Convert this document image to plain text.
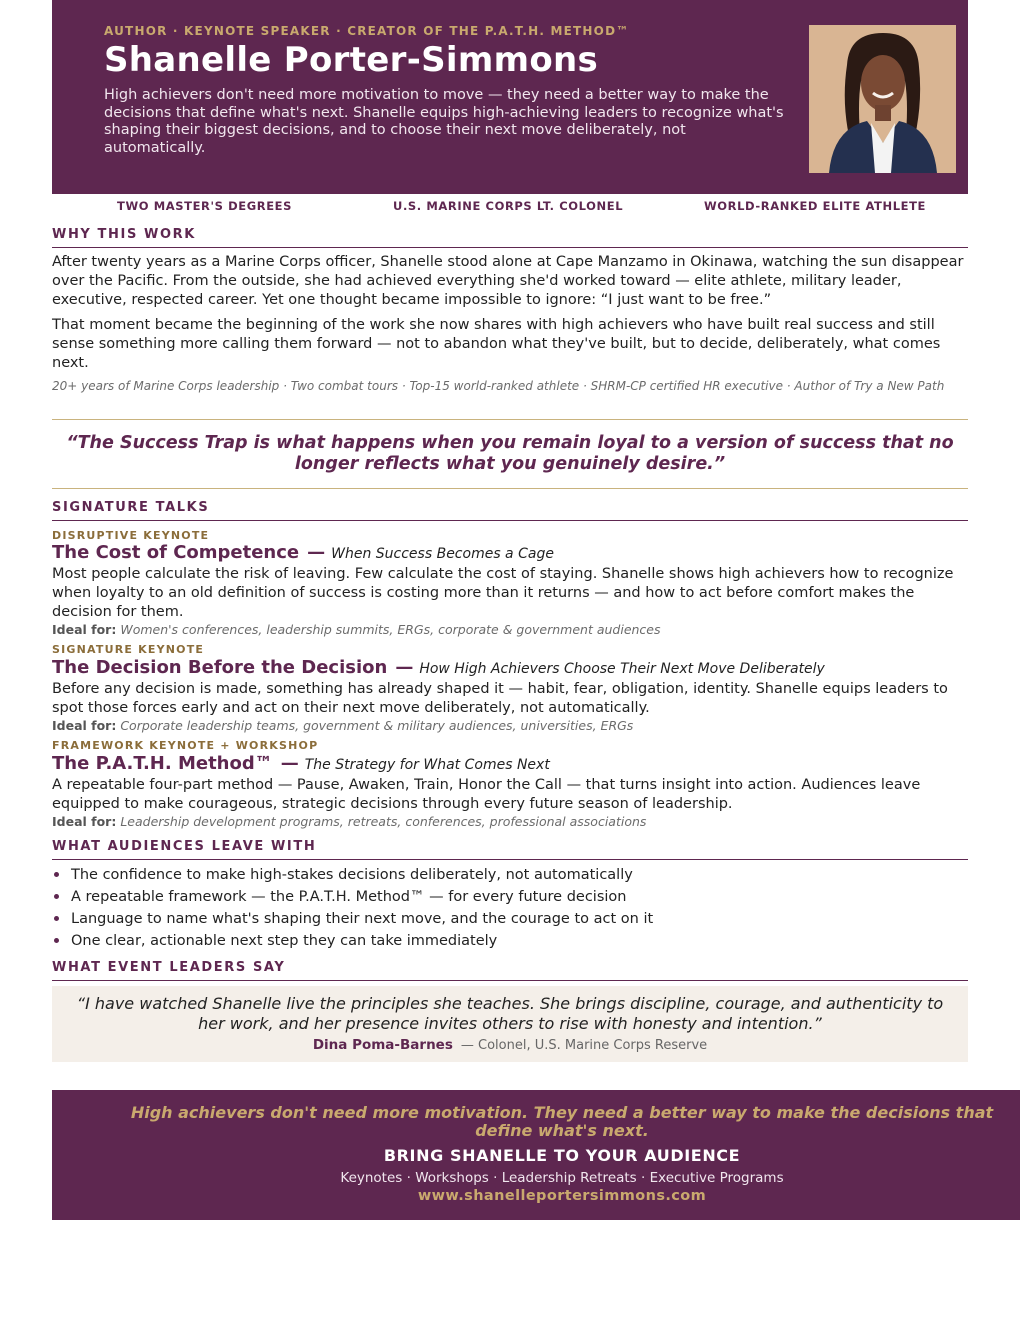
AUTHOR · KEYNOTE SPEAKER · CREATOR OF THE P.A.T.H. METHOD™
Shanelle Porter-Simmons
High achievers don't need more motivation to move — they need a better way to make the decisions that define what's next. Shanelle equips high-achieving leaders to recognize what's shaping their biggest decisions, and to choose their next move deliberately, not automatically.
TWO MASTER'S DEGREES	U.S. MARINE CORPS LT. COLONEL	WORLD-RANKED ELITE ATHLETE
WHY THIS WORK
After twenty years as a Marine Corps officer, Shanelle stood alone at Cape Manzamo in Okinawa, watching the sun disappear over the Pacific. From the outside, she had achieved everything she'd worked toward — elite athlete, military leader, executive, respected career. Yet one thought became impossible to ignore: “I just want to be free.”
That moment became the beginning of the work she now shares with high achievers who have built real success and still sense something more calling them forward — not to abandon what they've built, but to decide, deliberately, what comes next.
20+ years of Marine Corps leadership · Two combat tours · Top-15 world-ranked athlete · SHRM-CP certified HR executive · Author of Try a New Path
“The Success Trap is what happens when you remain loyal to a version of success that no longer reflects what you genuinely desire.”
SIGNATURE TALKS
DISRUPTIVE KEYNOTE
The Cost of Competence — When Success Becomes a Cage
Most people calculate the risk of leaving. Few calculate the cost of staying. Shanelle shows high achievers how to recognize when loyalty to an old definition of success is costing more than it returns — and how to act before comfort makes the decision for them.
Ideal for: Women's conferences, leadership summits, ERGs, corporate & government audiences
SIGNATURE KEYNOTE
The Decision Before the Decision — How High Achievers Choose Their Next Move Deliberately
Before any decision is made, something has already shaped it — habit, fear, obligation, identity. Shanelle equips leaders to spot those forces early and act on their next move deliberately, not automatically.
Ideal for: Corporate leadership teams, government & military audiences, universities, ERGs
FRAMEWORK KEYNOTE + WORKSHOP
The P.A.T.H. Method™ — The Strategy for What Comes Next
A repeatable four-part method — Pause, Awaken, Train, Honor the Call — that turns insight into action. Audiences leave equipped to make courageous, strategic decisions through every future season of leadership.
Ideal for: Leadership development programs, retreats, conferences, professional associations
WHAT AUDIENCES LEAVE WITH
The confidence to make high-stakes decisions deliberately, not automatically
A repeatable framework — the P.A.T.H. Method™ — for every future decision
Language to name what's shaping their next move, and the courage to act on it
One clear, actionable next step they can take immediately
WHAT EVENT LEADERS SAY
“I have watched Shanelle live the principles she teaches. She brings discipline, courage, and authenticity to her work, and her presence invites others to rise with honesty and intention.”
Dina Poma-Barnes — Colonel, U.S. Marine Corps Reserve
High achievers don't need more motivation. They need a better way to make the decisions that define what's next.
BRING SHANELLE TO YOUR AUDIENCE
Keynotes · Workshops · Leadership Retreats · Executive Programs
www.shanelleportersimmons.com
